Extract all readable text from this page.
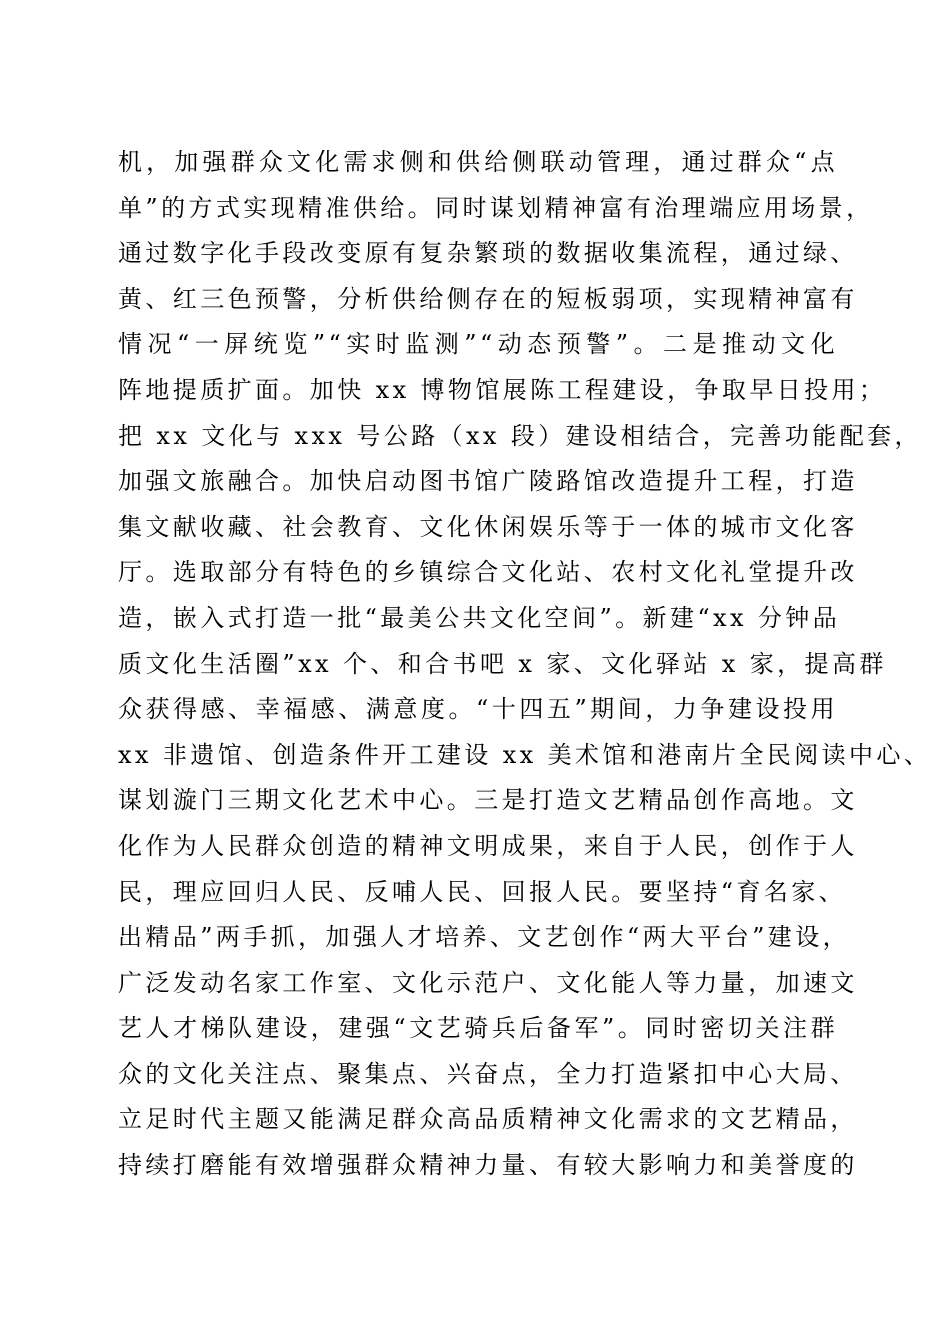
机，加强群众文化需求侧和供给侧联动管理，通过群众“点
单”的方式实现精准供给。同时谋划精神富有治理端应用场景，
通过数字化手段改变原有复杂繁琐的数据收集流程，通过绿、
黄、红三色预警，分析供给侧存在的短板弱项，实现精神富有
情况“一屏统览”“实时监测”“动态预警”。二是推动文化
阵地提质扩面。加快 xx 博物馆展陈工程建设，争取早日投用；
把 xx 文化与 xxx 号公路（xx 段）建设相结合，完善功能配套，
加强文旅融合。加快启动图书馆广陵路馆改造提升工程，打造
集文献收藏、社会教育、文化休闲娱乐等于一体的城市文化客
厅。选取部分有特色的乡镇综合文化站、农村文化礼堂提升改
造，嵌入式打造一批“最美公共文化空间”。新建“xx 分钟品
质文化生活圈”xx 个、和合书吧 x 家、文化驿站 x 家，提高群
众获得感、幸福感、满意度。“十四五”期间，力争建设投用
xx 非遗馆、创造条件开工建设 xx 美术馆和港南片全民阅读中心、
谋划漩门三期文化艺术中心。三是打造文艺精品创作高地。文
化作为人民群众创造的精神文明成果，来自于人民，创作于人
民，理应回归人民、反哺人民、回报人民。要坚持“育名家、
出精品”两手抓，加强人才培养、文艺创作“两大平台”建设，
广泛发动名家工作室、文化示范户、文化能人等力量，加速文
艺人才梯队建设，建强“文艺骑兵后备军”。同时密切关注群
众的文化关注点、聚集点、兴奋点，全力打造紧扣中心大局、
立足时代主题又能满足群众高品质精神文化需求的文艺精品，
持续打磨能有效增强群众精神力量、有较大影响力和美誉度的
